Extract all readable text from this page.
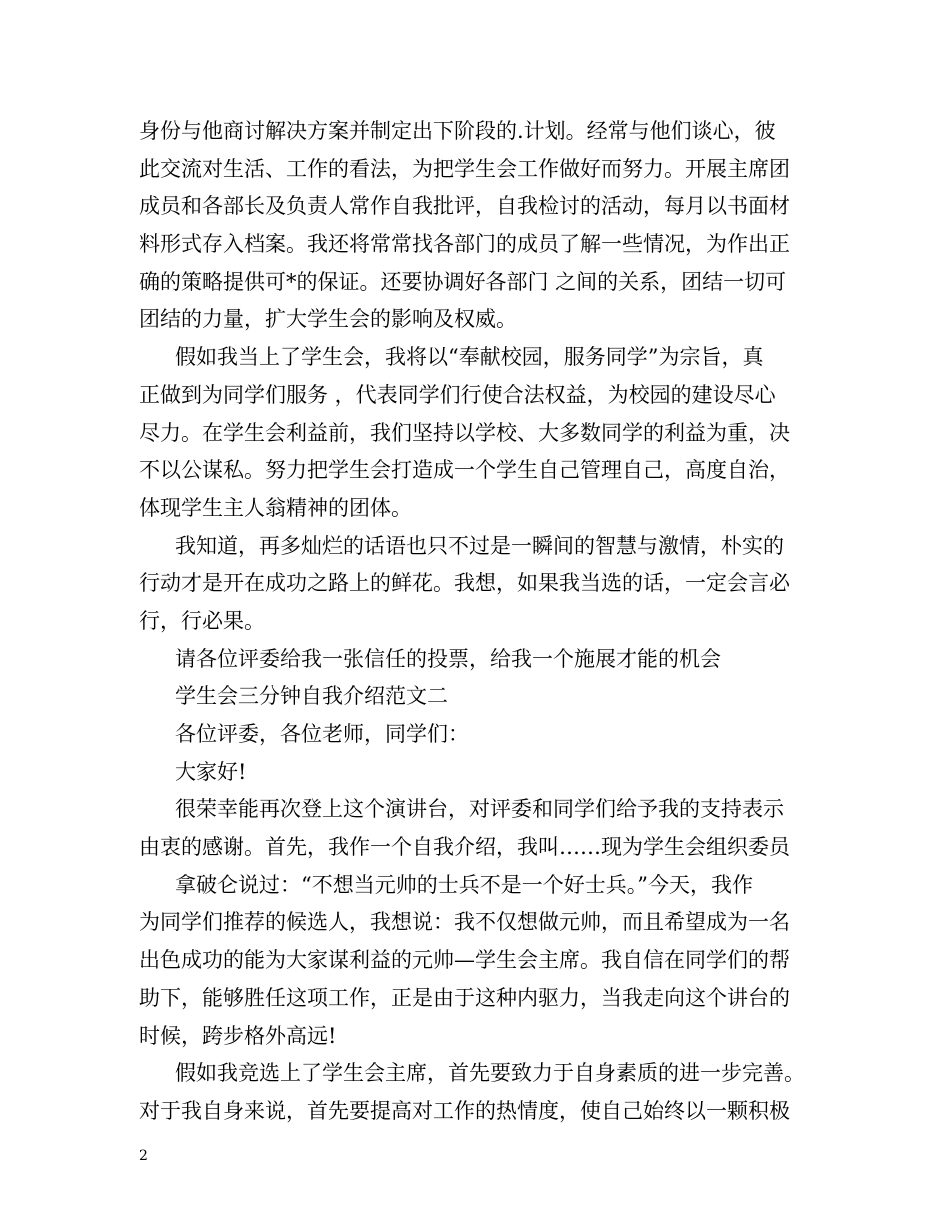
身份与他商讨解决方案并制定出下阶段的.计划。经常与他们谈心，彼
此交流对生活、工作的看法，为把学生会工作做好而努力。开展主席团
成员和各部长及负责人常作自我批评，自我检讨的活动，每月以书面材
料形式存入档案。我还将常常找各部门的成员了解一些情况，为作出正
确的策略提供可*的保证。还要协调好各部门 之间的关系，团结一切可
团结的力量，扩大学生会的影响及权威。
假如我当上了学生会，我将以“奉献校园，服务同学”为宗旨，真
正做到为同学们服务 ，代表同学们行使合法权益，为校园的建设尽心
尽力。在学生会利益前，我们坚持以学校、大多数同学的利益为重，决
不以公谋私。努力把学生会打造成一个学生自己管理自己，高度自治，
体现学生主人翁精神的团体。
我知道，再多灿烂的话语也只不过是一瞬间的智慧与激情，朴实的
行动才是开在成功之路上的鲜花。我想，如果我当选的话，一定会言必
行，行必果。
请各位评委给我一张信任的投票，给我一个施展才能的机会
学生会三分钟自我介绍范文二
各位评委，各位老师，同学们：
大家好!
很荣幸能再次登上这个演讲台，对评委和同学们给予我的支持表示
由衷的感谢。首先，我作一个自我介绍，我叫……现为学生会组织委员
拿破仑说过：“不想当元帅的士兵不是一个好士兵。”今天，我作
为同学们推荐的候选人，我想说：我不仅想做元帅，而且希望成为一名
出色成功的能为大家谋利益的元帅—学生会主席。我自信在同学们的帮
助下，能够胜任这项工作，正是由于这种内驱力，当我走向这个讲台的
时候，跨步格外高远!
假如我竞选上了学生会主席，首先要致力于自身素质的进一步完善。
对于我自身来说，首先要提高对工作的热情度，使自己始终以一颗积极
2
